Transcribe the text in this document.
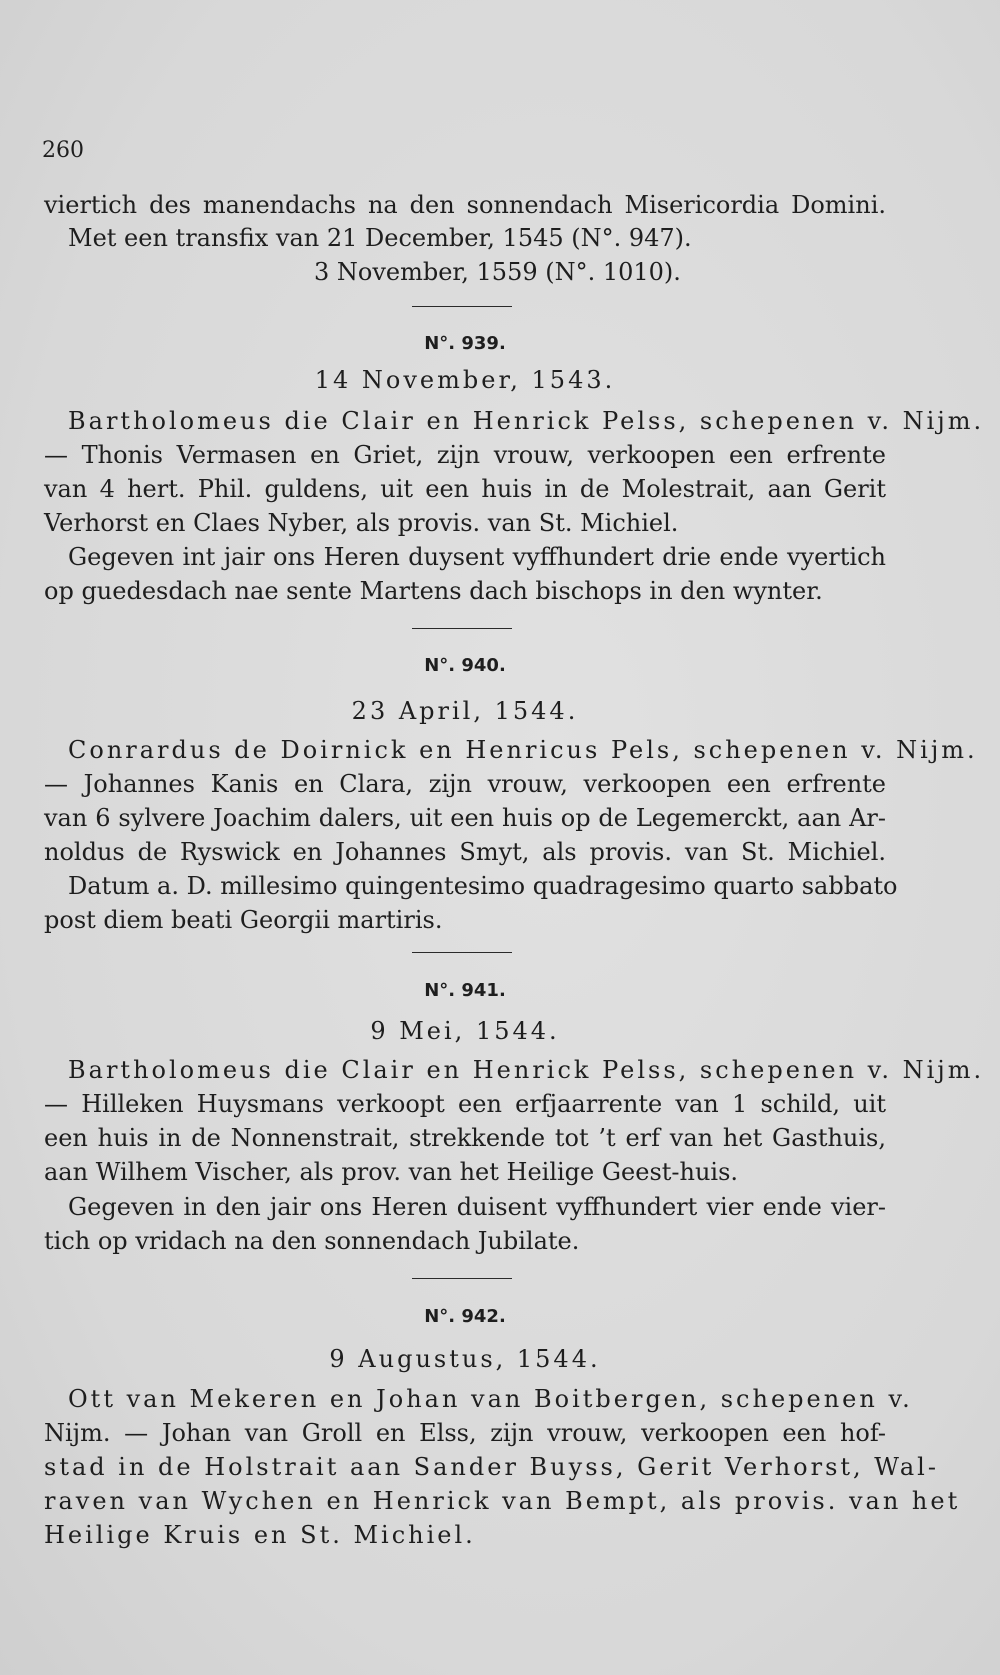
260
viertich des manendachs na den sonnendach Misericordia Domini.
Met een transfix van 21 December, 1545 (N°. 947).
3 November, 1559 (N°. 1010).
N°. 939.
14 November, 1543.
Bartholomeus die Clair en Henrick Pelss, schepenen v. Nijm.
— Thonis Vermasen en Griet, zijn vrouw, verkoopen een erfrente
van 4 hert. Phil. guldens, uit een huis in de Molestrait, aan Gerit
Verhorst en Claes Nyber, als provis. van St. Michiel.
Gegeven int jair ons Heren duysent vyffhundert drie ende vyertich
op guedesdach nae sente Martens dach bischops in den wynter.
N°. 940.
23 April, 1544.
Conrardus de Doirnick en Henricus Pels, schepenen v. Nijm.
— Johannes Kanis en Clara, zijn vrouw, verkoopen een erfrente
van 6 sylvere Joachim dalers, uit een huis op de Legemerckt, aan Ar-
noldus de Ryswick en Johannes Smyt, als provis. van St. Michiel.
Datum a. D. millesimo quingentesimo quadragesimo quarto sabbato
post diem beati Georgii martiris.
N°. 941.
9 Mei, 1544.
Bartholomeus die Clair en Henrick Pelss, schepenen v. Nijm.
— Hilleken Huysmans verkoopt een erfjaarrente van 1 schild, uit
een huis in de Nonnenstrait, strekkende tot ’t erf van het Gasthuis,
aan Wilhem Vischer, als prov. van het Heilige Geest-huis.
Gegeven in den jair ons Heren duisent vyffhundert vier ende vier-
tich op vridach na den sonnendach Jubilate.
N°. 942.
9 Augustus, 1544.
Ott van Mekeren en Johan van Boitbergen, schepenen v.
Nijm. — Johan van Groll en Elss, zijn vrouw, verkoopen een hof-
stad in de Holstrait aan Sander Buyss, Gerit Verhorst, Wal-
raven van Wychen en Henrick van Bempt, als provis. van het
Heilige Kruis en St. Michiel.
